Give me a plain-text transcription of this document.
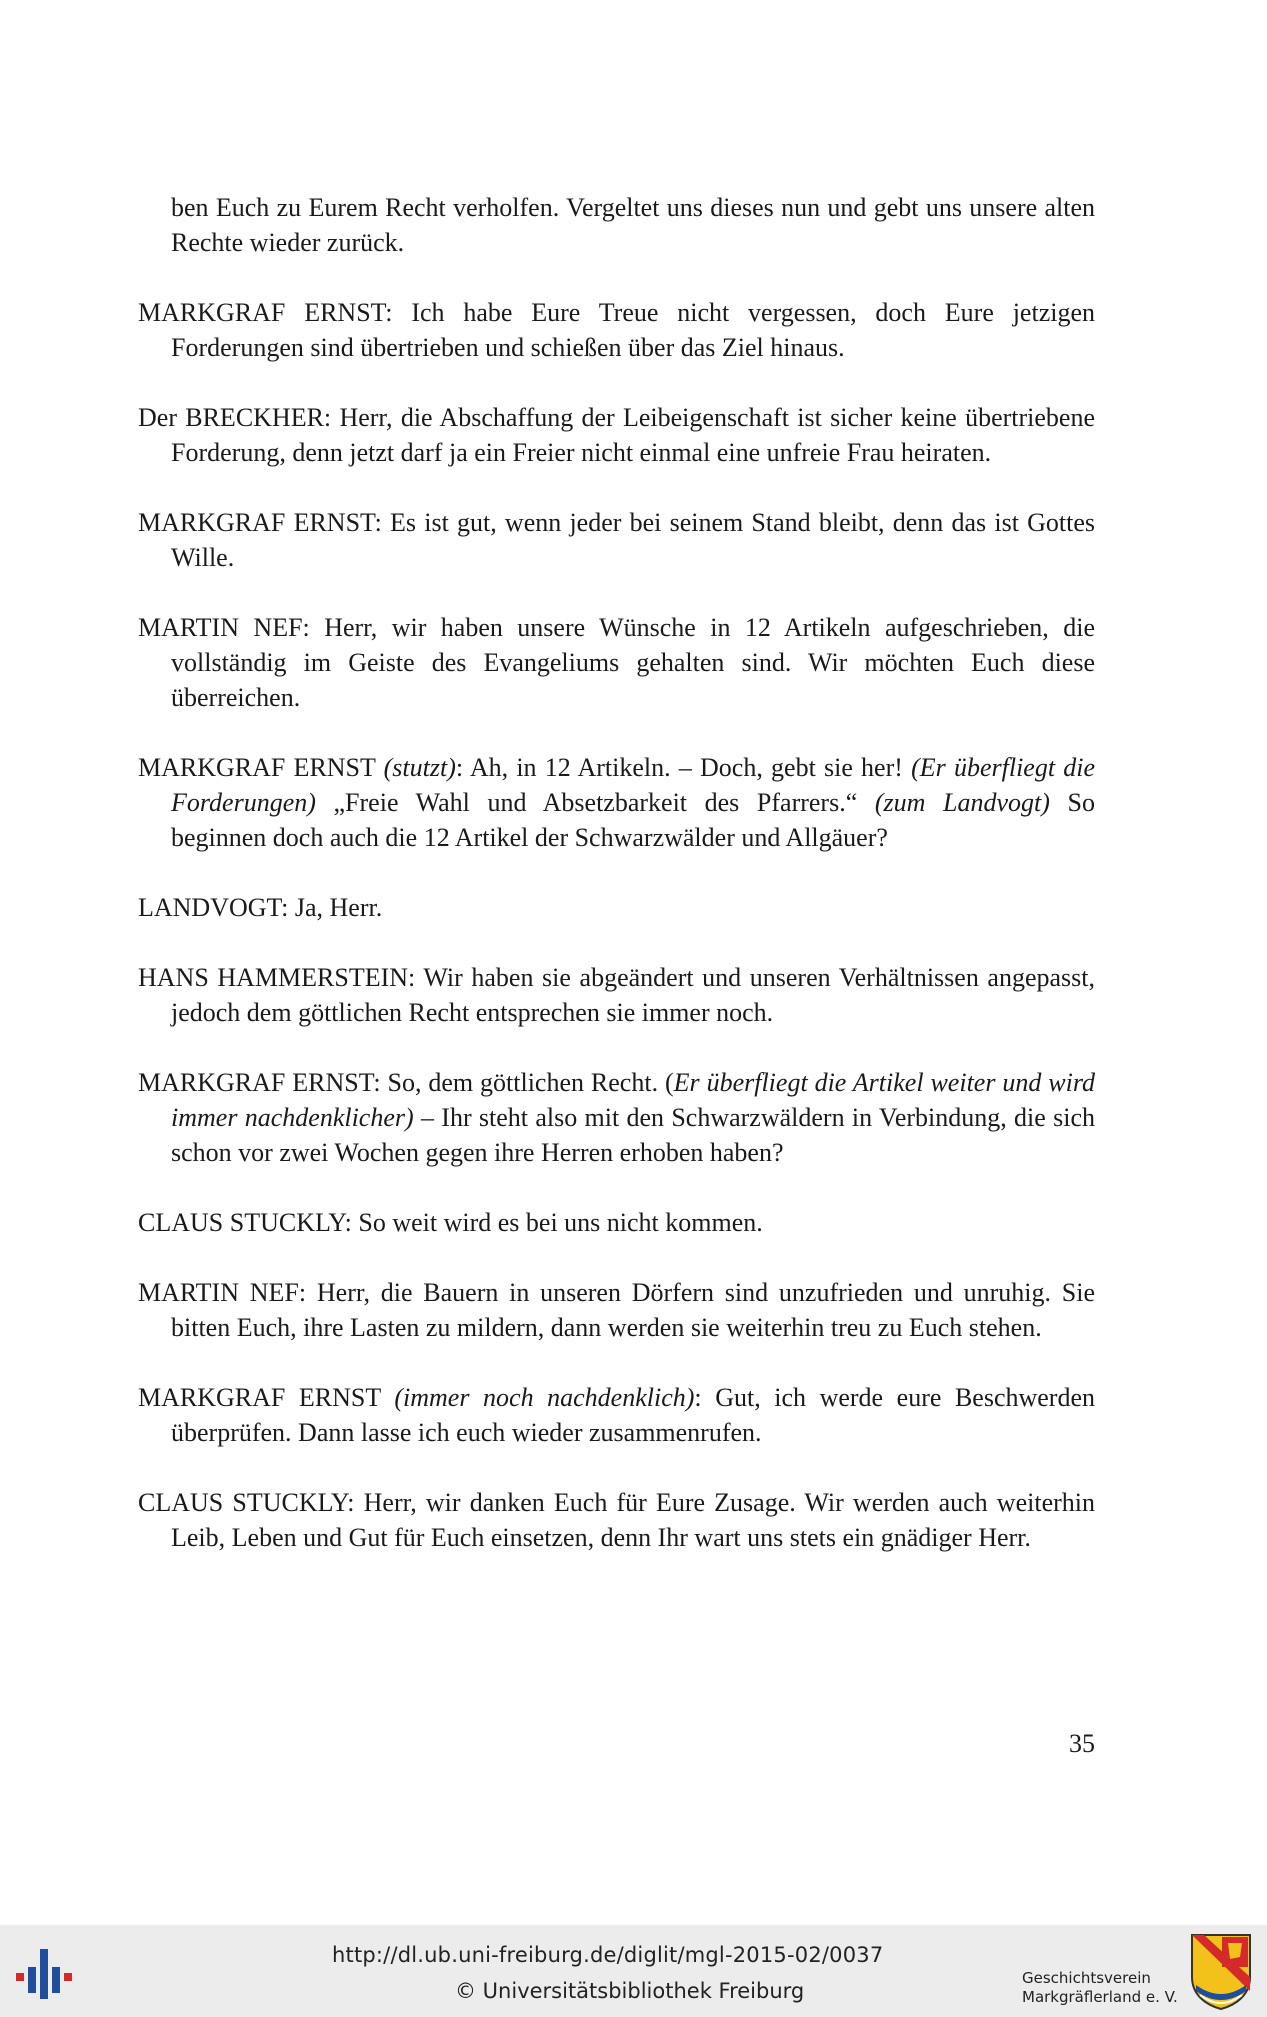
ben Euch zu Eurem Recht verholfen. Vergeltet uns dieses nun und gebt uns unsere alten Rechte wieder zurück.

MARKGRAF ERNST: Ich habe Eure Treue nicht vergessen, doch Eure jetzigen Forderungen sind übertrieben und schießen über das Ziel hinaus.

Der BRECKHER: Herr, die Abschaffung der Leibeigenschaft ist sicher keine übertriebene Forderung, denn jetzt darf ja ein Freier nicht einmal eine unfreie Frau heiraten.

MARKGRAF ERNST: Es ist gut, wenn jeder bei seinem Stand bleibt, denn das ist Gottes Wille.

MARTIN NEF: Herr, wir haben unsere Wünsche in 12 Artikeln aufgeschrieben, die vollständig im Geiste des Evangeliums gehalten sind. Wir möchten Euch diese überreichen.

MARKGRAF ERNST (stutzt): Ah, in 12 Artikeln. – Doch, gebt sie her! (Er überfliegt die Forderungen) „Freie Wahl und Absetzbarkeit des Pfarrers.“ (zum Landvogt) So beginnen doch auch die 12 Artikel der Schwarzwälder und Allgäuer?

LANDVOGT: Ja, Herr.

HANS HAMMERSTEIN: Wir haben sie abgeändert und unseren Verhältnissen angepasst, jedoch dem göttlichen Recht entsprechen sie immer noch.

MARKGRAF ERNST: So, dem göttlichen Recht. (Er überfliegt die Artikel weiter und wird immer nachdenklicher) – Ihr steht also mit den Schwarzwäldern in Verbindung, die sich schon vor zwei Wochen gegen ihre Herren erhoben haben?

CLAUS STUCKLY: So weit wird es bei uns nicht kommen.

MARTIN NEF: Herr, die Bauern in unseren Dörfern sind unzufrieden und unruhig. Sie bitten Euch, ihre Lasten zu mildern, dann werden sie weiterhin treu zu Euch stehen.

MARKGRAF ERNST (immer noch nachdenklich): Gut, ich werde eure Beschwerden überprüfen. Dann lasse ich euch wieder zusammenrufen.

CLAUS STUCKLY: Herr, wir danken Euch für Eure Zusage. Wir werden auch weiterhin Leib, Leben und Gut für Euch einsetzen, denn Ihr wart uns stets ein gnädiger Herr.

35
http://dl.ub.uni-freiburg.de/diglit/mgl-2015-02/0037
© Universitätsbibliothek Freiburg
Geschichtsverein
Markgräflerland e. V.
